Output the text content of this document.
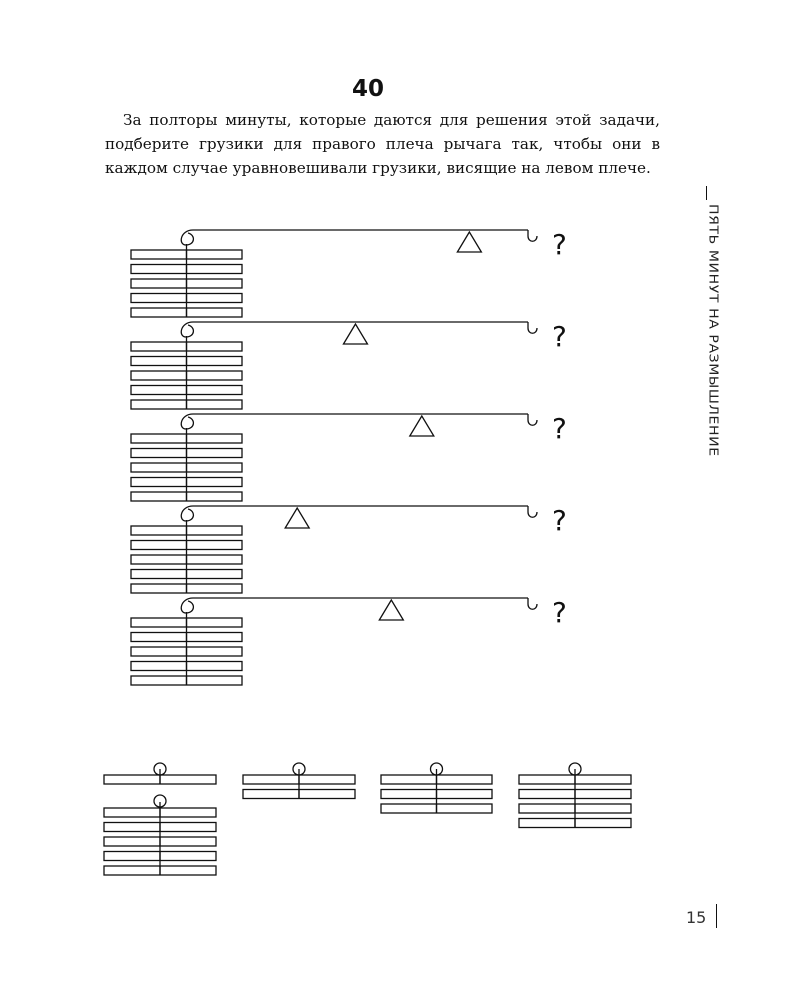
40

За полторы минуты, которые даются для решения этой задачи, подберите грузики для правого плеча рычага так, чтобы они в каждом случае уравновешивали грузики, висящие на левом плече.

ПЯТЬ МИНУТ НА РАЗМЫШЛЕНИЕ
15
?
?
?
?
?
